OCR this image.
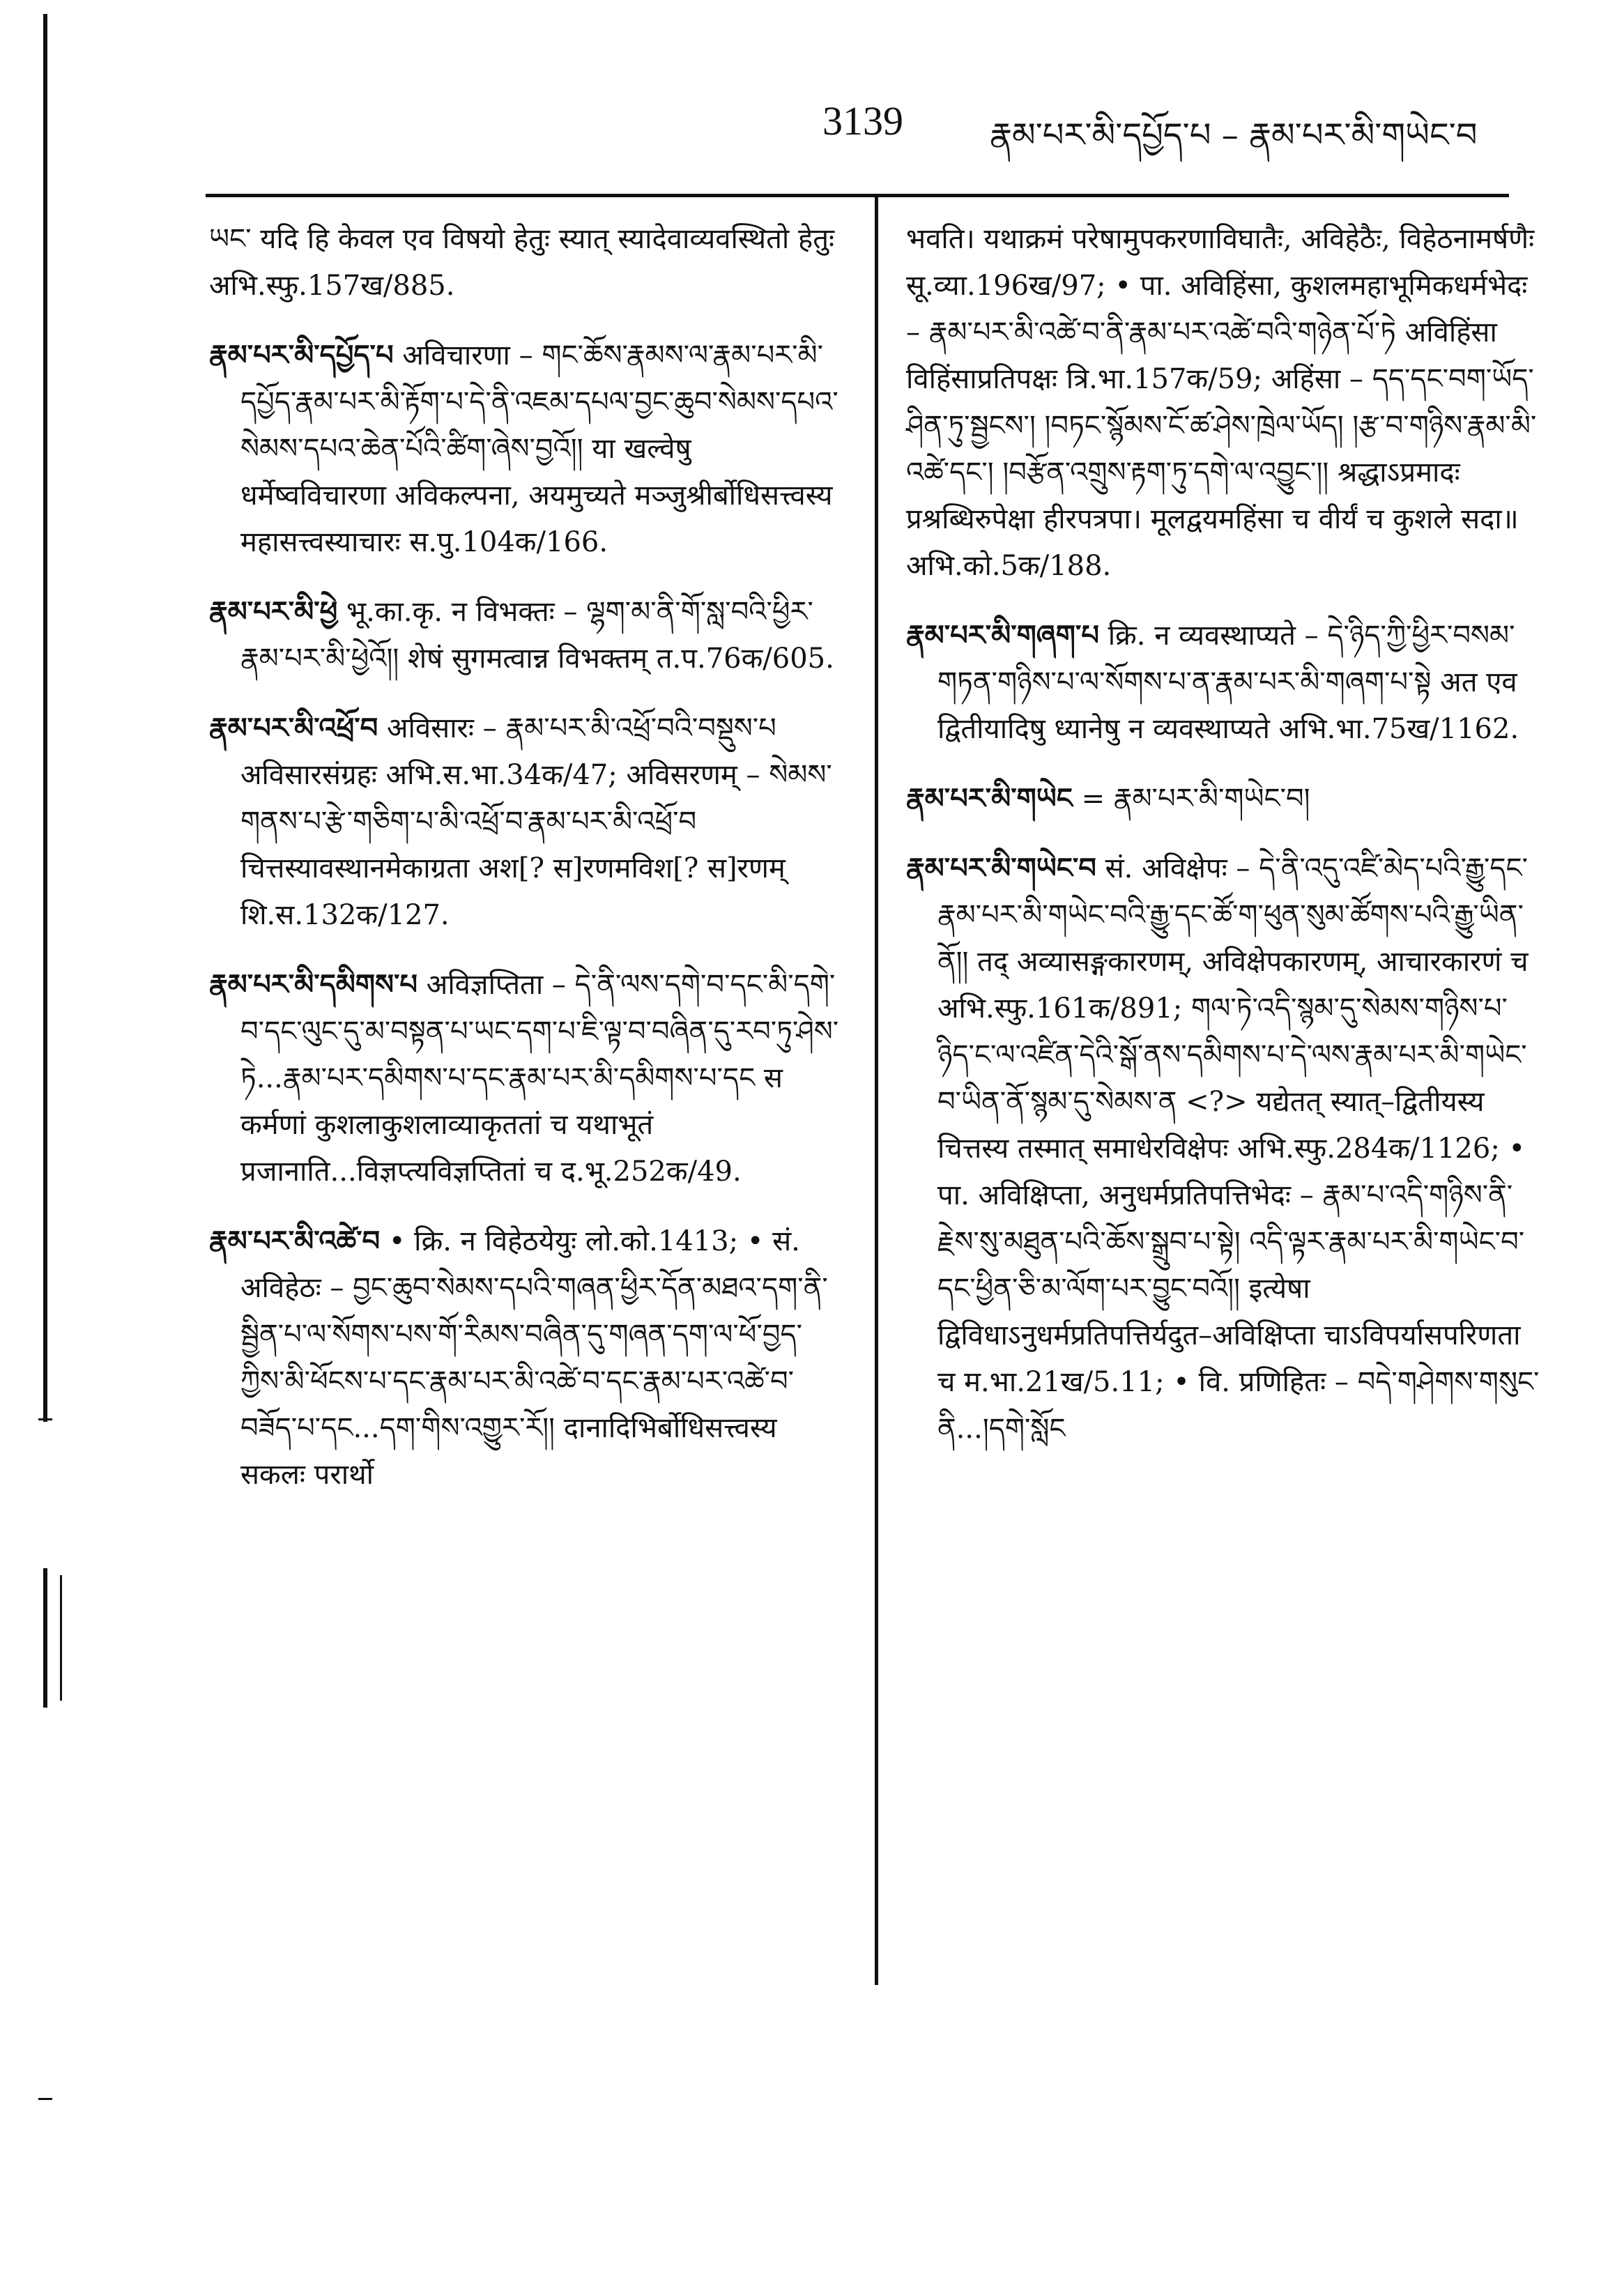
3139	རྣམ་པར་མི་དཔྱོད་པ – རྣམ་པར་མི་གཡེང་བ

ཡང་ यदि हि केवल एव विषयो हेतुः स्यात् स्यादेवाव्यवस्थितो हेतुः अभि.स्फु.157ख/885.

རྣམ་པར་མི་དཔྱོད་པ अविचारणा – གང་ཆོས་རྣམས་ལ་རྣམ་པར་མི་དཔྱོད་རྣམ་པར་མི་རྟོག་པ་དེ་ནི་འཇམ་དཔལ་བྱང་ཆུབ་སེམས་དཔའ་སེམས་དཔའ་ཆེན་པོའི་ཚིག་ཞེས་བྱའོ།། या खल्वेषु धर्मेष्वविचारणा अविकल्पना, अयमुच्यते मञ्जुश्रीर्बोधिसत्त्वस्य महासत्त्वस्याचारः स.पु.104क/166.

རྣམ་པར་མི་ཕྱེ भू.का.कृ. न विभक्तः – ལྷག་མ་ནི་གོ་སླ་བའི་ཕྱིར་རྣམ་པར་མི་ཕྱེའོ།། शेषं सुगमत्वान्न विभक्तम् त.प.76क/605.

རྣམ་པར་མི་འཕྲོ་བ अविसारः – རྣམ་པར་མི་འཕྲོ་བའི་བསྡུས་པ अविसारसंग्रहः अभि.स.भा.34क/47; अविसरणम् – སེམས་གནས་པ་རྩེ་གཅིག་པ་མི་འཕྲོ་བ་རྣམ་པར་མི་འཕྲོ་བ चित्तस्यावस्थानमेकाग्रता अश[? स]रणमविश[? स]रणम् शि.स.132क/127.

རྣམ་པར་མི་དམིགས་པ अविज्ञप्तिता – དེ་ནི་ལས་དགེ་བ་དང་མི་དགེ་བ་དང་ལུང་དུ་མ་བསྟན་པ་ཡང་དག་པ་ཇི་ལྟ་བ་བཞིན་དུ་རབ་ཏུ་ཤེས་ཏེ...རྣམ་པར་དམིགས་པ་དང་རྣམ་པར་མི་དམིགས་པ་དང स कर्मणां कुशलाकुशलाव्याकृततां च यथाभूतं प्रजानाति...विज्ञप्त्यविज्ञप्तितां च द.भू.252क/49.

རྣམ་པར་མི་འཚེ་བ • क्रि. न विहेठयेयुः लो.को.1413; • सं. अविहेठः – བྱང་ཆུབ་སེམས་དཔའི་གཞན་ཕྱིར་དོན་མཐའ་དག་ནི་སྦྱིན་པ་ལ་སོགས་པས་གོ་རིམས་བཞིན་དུ་གཞན་དག་ལ་ཕོ་བྱད་ཀྱིས་མི་ཕོངས་པ་དང་རྣམ་པར་མི་འཚེ་བ་དང་རྣམ་པར་འཚེ་བ་བཟོད་པ་དང...དག་གིས་འགྱུར་རོ།། दानादिभिर्बोधिसत्त्वस्य सकलः परार्थो

भवति। यथाक्रमं परेषामुपकरणाविघातैः, अविहेठैः, विहेठनामर्षणैः सू.व्या.196ख/97; • पा. अविहिंसा, कुशलमहाभूमिकधर्मभेदः – རྣམ་པར་མི་འཚེ་བ་ནི་རྣམ་པར་འཚེ་བའི་གཉེན་པོ་ཏེ अविहिंसा विहिंसाप्रतिपक्षः त्रि.भा.157क/59; अहिंसा – དད་དང་བག་ཡོད་ཤིན་ཏུ་སྦྱངས་། །བཏང་སྙོམས་ངོ་ཚ་ཤེས་ཁྲེལ་ཡོད། །རྩ་བ་གཉིས་རྣམ་མི་འཚེ་དང་། །བརྩོན་འགྲུས་རྟག་ཏུ་དགེ་ལ་འབྱུང་།། श्रद्धाऽप्रमादः प्रश्रब्धिरुपेक्षा हीरपत्रपा। मूलद्वयमहिंसा च वीर्यं च कुशले सदा॥ अभि.को.5क/188.

རྣམ་པར་མི་གཞག་པ क्रि. न व्यवस्थाप्यते – དེ་ཉིད་ཀྱི་ཕྱིར་བསམ་གཏན་གཉིས་པ་ལ་སོགས་པ་ན་རྣམ་པར་མི་གཞག་པ་སྟེ अत एव द्वितीयादिषु ध्यानेषु न व्यवस्थाप्यते अभि.भा.75ख/1162.

རྣམ་པར་མི་གཡེང = རྣམ་པར་མི་གཡེང་བ།

རྣམ་པར་མི་གཡེང་བ सं. अविक्षेपः – དེ་ནི་འདུ་འཛི་མེད་པའི་རྒྱུ་དང་རྣམ་པར་མི་གཡེང་བའི་རྒྱུ་དང་ཚོ་ག་ཕུན་སུམ་ཚོགས་པའི་རྒྱུ་ཡིན་ནོ།། तद् अव्यासङ्गकारणम्, अविक्षेपकारणम्, आचारकारणं च अभि.स्फु.161क/891; གལ་ཏེ་འདི་སྙམ་དུ་སེམས་གཉིས་པ་ཉིད་ང་ལ་འཛིན་དེའི་སྒོ་ནས་དམིགས་པ་དེ་ལས་རྣམ་པར་མི་གཡེང་བ་ཡིན་ནོ་སྙམ་དུ་སེམས་ན <?> यद्येतत् स्यात्–द्वितीयस्य चित्तस्य तस्मात् समाधेरविक्षेपः अभि.स्फु.284क/1126; • पा. अविक्षिप्ता, अनुधर्मप्रतिपत्तिभेदः – རྣམ་པ་འདི་གཉིས་ནི་རྗེས་སུ་མཐུན་པའི་ཆོས་སྒྲུབ་པ་སྟེ། འདི་ལྟར་རྣམ་པར་མི་གཡེང་བ་དང་ཕྱིན་ཅི་མ་ལོག་པར་བྱུང་བའོ།། इत्येषा द्विविधाऽनुधर्मप्रतिपत्तिर्यदुत–अविक्षिप्ता चाऽविपर्यासपरिणता च म.भा.21ख/5.11; • वि. प्रणिहितः – བདེ་གཤེགས་གསུང་ནི...།དགེ་སློང
